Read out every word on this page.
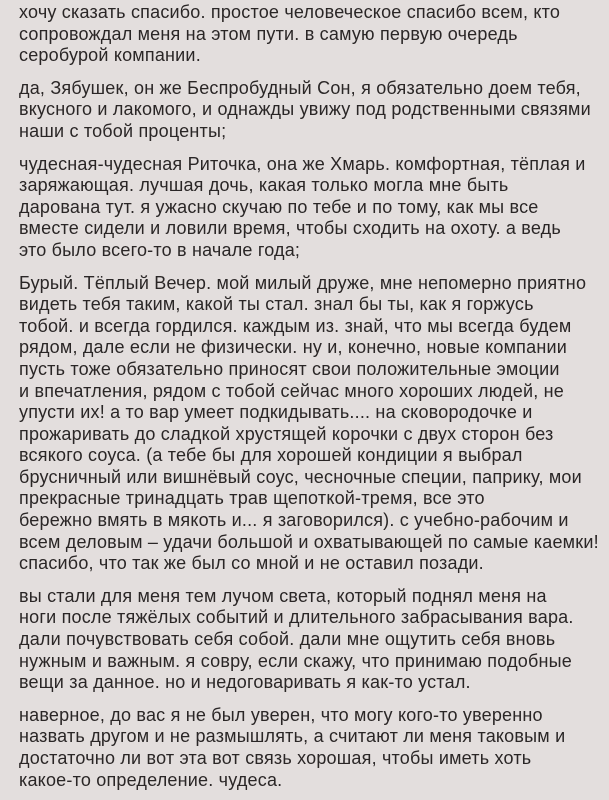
хочу сказать спасибо. простое человеческое спасибо всем, кто
сопровождал меня на этом пути. в самую первую очередь
серобурой компании.
да, Зябушек, он же Беспробудный Сон, я обязательно доем тебя,
вкусного и лакомого, и однажды увижу под родственными связями
наши с тобой проценты;
чудесная-чудесная Риточка, она же Хмарь. комфортная, тёплая и
заряжающая. лучшая дочь, какая только могла мне быть
дарована тут. я ужасно скучаю по тебе и по тому, как мы все
вместе сидели и ловили время, чтобы сходить на охоту. а ведь
это было всего-то в начале года;
Бурый. Тёплый Вечер. мой милый друже, мне непомерно приятно
видеть тебя таким, какой ты стал. знал бы ты, как я горжусь
тобой. и всегда гордился. каждым из. знай, что мы всегда будем
рядом, дале если не физически. ну и, конечно, новые компании
пусть тоже обязательно приносят свои положительные эмоции
и впечатления, рядом с тобой сейчас много хороших людей, не
упусти их! а то вар умеет подкидывать.... на сковородочке и
прожаривать до сладкой хрустящей корочки с двух сторон без
всякого соуса. (а тебе бы для хорошей кондиции я выбрал
брусничный или вишнёвый соус, чесночные специи, паприку, мои
прекрасные тринадцать трав щепоткой-тремя, все это
бережно вмять в мякоть и... я заговорился). с учебно-рабочим и
всем деловым – удачи большой и охватывающей по самые каемки!
спасибо, что так же был со мной и не оставил позади.
вы стали для меня тем лучом света, который поднял меня на
ноги после тяжёлых событий и длительного забрасывания вара.
дали почувствовать себя собой. дали мне ощутить себя вновь
нужным и важным. я совру, если скажу, что принимаю подобные
вещи за данное. но и недоговаривать я как-то устал.
наверное, до вас я не был уверен, что могу кого-то уверенно
назвать другом и не размышлять, а считают ли меня таковым и
достаточно ли вот эта вот связь хорошая, чтобы иметь хоть
какое-то определение. чудеса.
